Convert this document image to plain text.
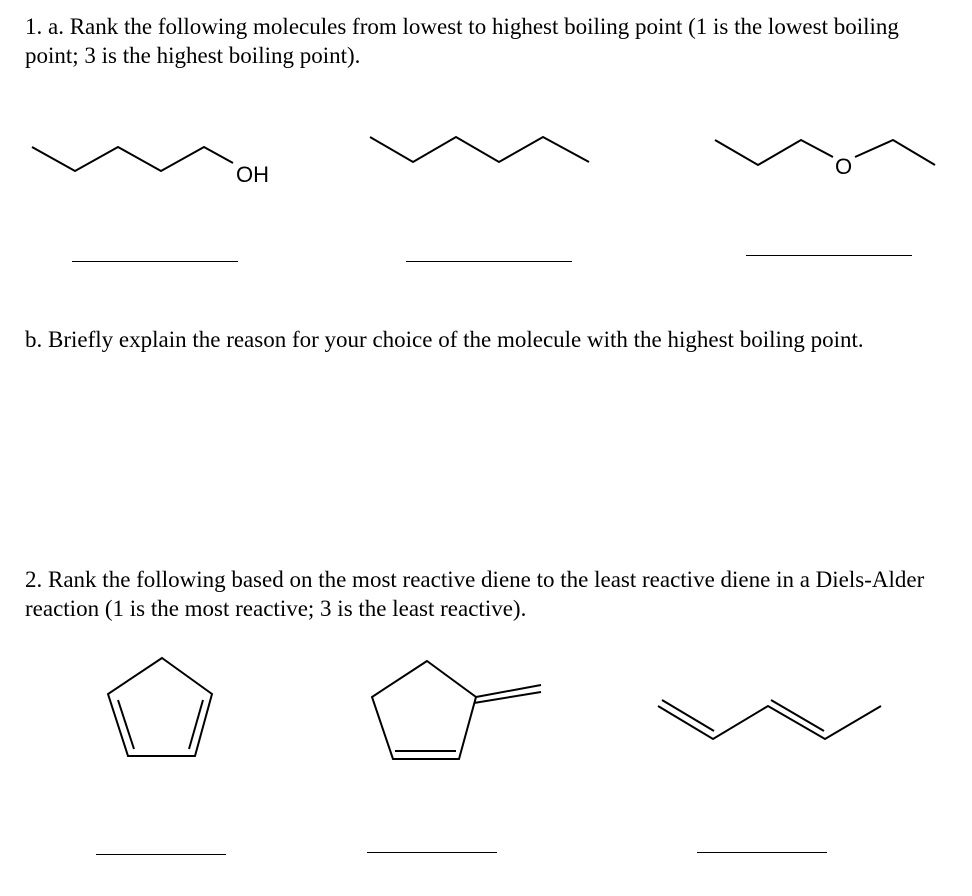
1. a. Rank the following molecules from lowest to highest boiling point (1 is the lowest boiling point; 3 is the highest boiling point).

OH	O

b. Briefly explain the reason for your choice of the molecule with the highest boiling point.

2. Rank the following based on the most reactive diene to the least reactive diene in a Diels-Alder reaction (1 is the most reactive; 3 is the least reactive).
